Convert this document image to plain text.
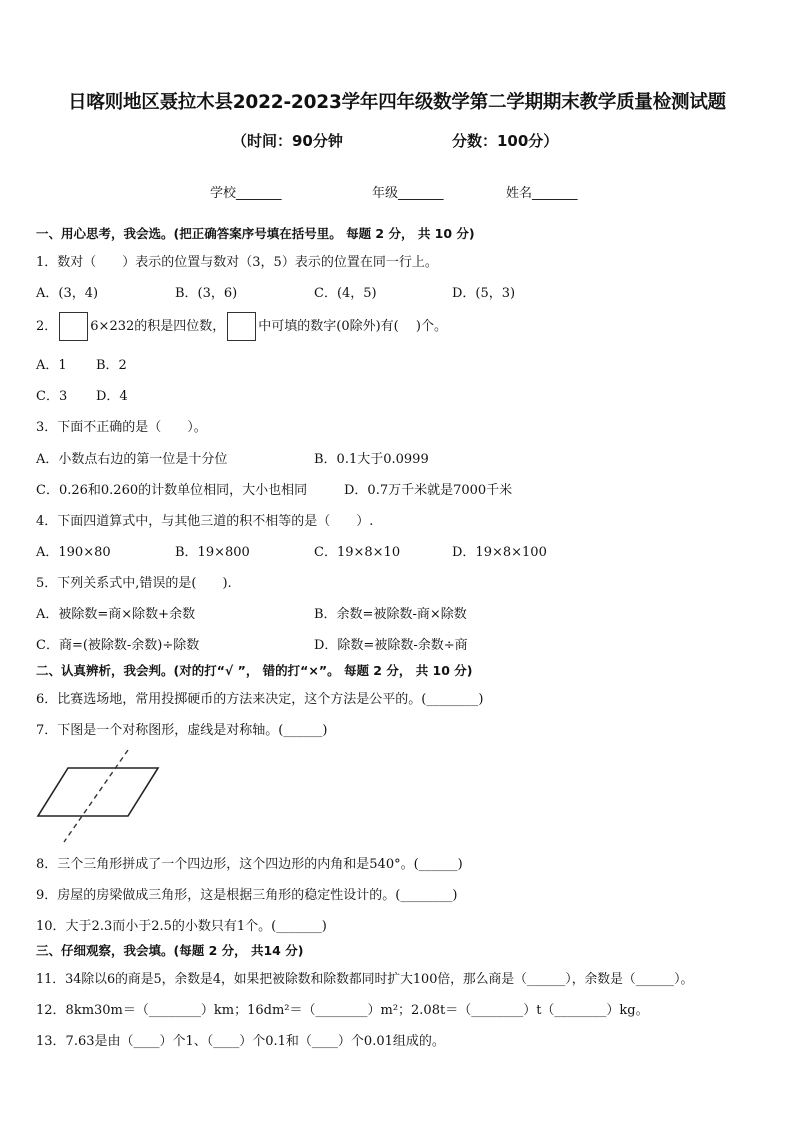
日喀则地区聂拉木县2022-2023学年四年级数学第二学期期末教学质量检测试题
（时间：90分钟	分数：100分）
学校_______	年级_______	姓名_______
一、用心思考，我会选。(把正确答案序号填在括号里。 每题 2 分， 共 10 分)
1．数对（　　）表示的位置与数对（3，5）表示的位置在同一行上。
A．(3，4)	B．(3，6)	C．(4，5)	D．(5，3)
2．	6×232的积是四位数，	中可填的数字(0除外)有(　 )个。
A．1 B．2
C．3 D．4
3．下面不正确的是（　　）。
A．小数点右边的第一位是十分位	B．0.1大于0.0999
C．0.26和0.260的计数单位相同，大小也相同	D．0.7万千米就是7000千米
4．下面四道算式中，与其他三道的积不相等的是（　　）.
A．190×80	B．19×800	C．19×8×10	D．19×8×100
5．下列关系式中,错误的是(　　).
A．被除数=商×除数+余数	B．余数=被除数-商×除数
C．商=(被除数-余数)÷除数	D．除数=被除数-余数÷商
二、认真辨析，我会判。(对的打“√ ”， 错的打“×”。 每题 2 分， 共 10 分)
6．比赛选场地，常用投掷硬币的方法来决定，这个方法是公平的。(________)
7．下图是一个对称图形，虚线是对称轴。(______)
8．三个三角形拼成了一个四边形，这个四边形的内角和是540°。(______)
9．房屋的房梁做成三角形，这是根据三角形的稳定性设计的。(________)
10．大于2.3而小于2.5的小数只有1个。(_______)
三、仔细观察，我会填。(每题 2 分， 共14 分)
11．34除以6的商是5，余数是4，如果把被除数和除数都同时扩大100倍，那么商是（______），余数是（______）。
12．8km30m＝（________）km；16dm²＝（________）m²；2.08t＝（________）t（________）kg。
13．7.63是由（____）个1、（____）个0.1和（____）个0.01组成的。
